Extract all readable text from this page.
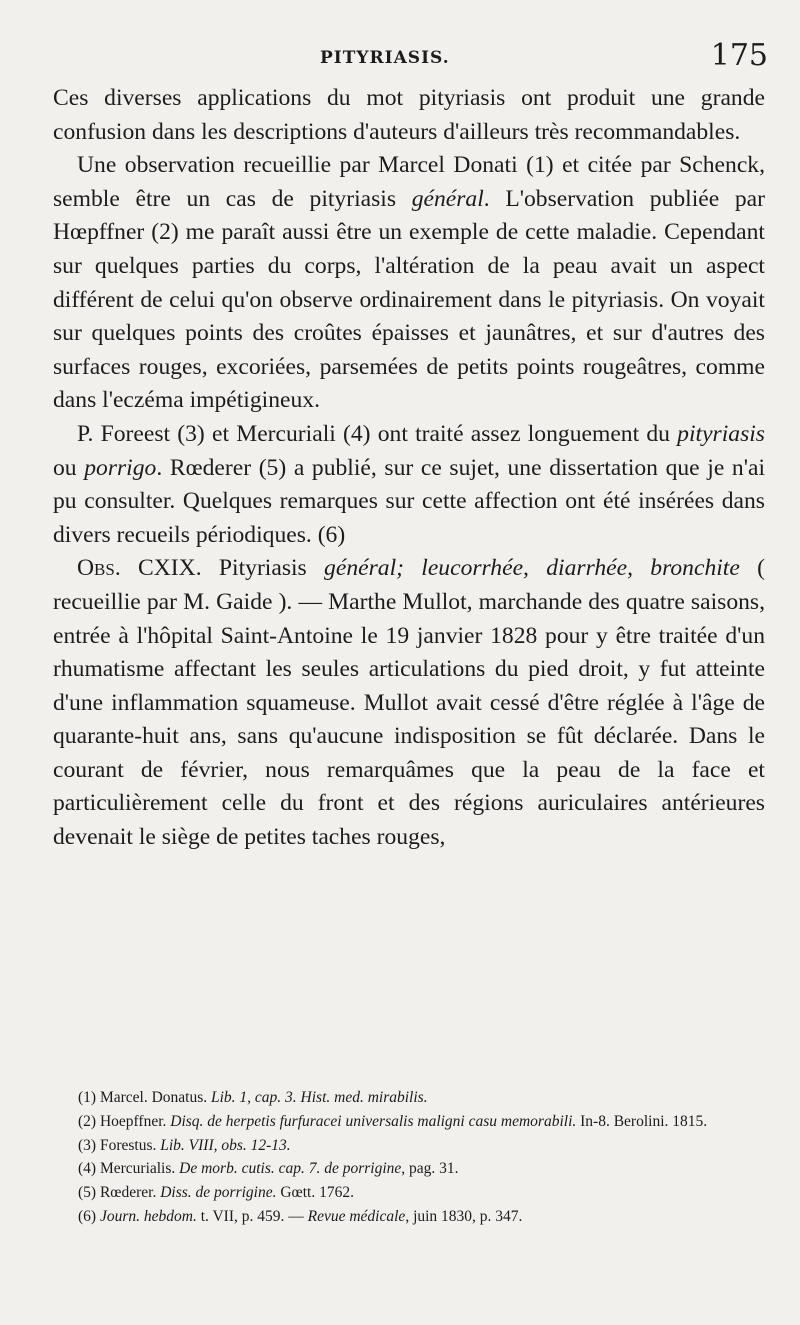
PITYRIASIS.	175

Ces diverses applications du mot pityriasis ont produit une grande confusion dans les descriptions d'auteurs d'ailleurs très recommandables.

Une observation recueillie par Marcel Donati (1) et citée par Schenck, semble être un cas de pityriasis général. L'observation publiée par Hœpffner (2) me paraît aussi être un exemple de cette maladie. Cependant sur quelques parties du corps, l'altération de la peau avait un aspect différent de celui qu'on observe ordinairement dans le pityriasis. On voyait sur quelques points des croûtes épaisses et jaunâtres, et sur d'autres des surfaces rouges, excoriées, parsemées de petits points rougeâtres, comme dans l'eczéma impétigineux.

P. Foreest (3) et Mercuriali (4) ont traité assez longuement du pityriasis ou porrigo. Rœderer (5) a publié, sur ce sujet, une dissertation que je n'ai pu consulter. Quelques remarques sur cette affection ont été insérées dans divers recueils périodiques. (6)

Obs. CXIX. Pityriasis général; leucorrhée, diarrhée, bronchite ( recueillie par M. Gaide ). — Marthe Mullot, marchande des quatre saisons, entrée à l'hôpital Saint-Antoine le 19 janvier 1828 pour y être traitée d'un rhumatisme affectant les seules articulations du pied droit, y fut atteinte d'une inflammation squameuse. Mullot avait cessé d'être réglée à l'âge de quarante-huit ans, sans qu'aucune indisposition se fût déclarée. Dans le courant de février, nous remarquâmes que la peau de la face et particulièrement celle du front et des régions auriculaires antérieures devenait le siège de petites taches rouges,

(1) Marcel. Donatus. Lib. 1, cap. 3. Hist. med. mirabilis.

(2) Hoepffner. Disq. de herpetis furfuracei universalis maligni casu memorabili. In-8. Berolini. 1815.

(3) Forestus. Lib. VIII, obs. 12-13.

(4) Mercurialis. De morb. cutis. cap. 7. de porrigine, pag. 31.

(5) Rœderer. Diss. de porrigine. Gœtt. 1762.

(6) Journ. hebdom. t. VII, p. 459. — Revue médicale, juin 1830, p. 347.
